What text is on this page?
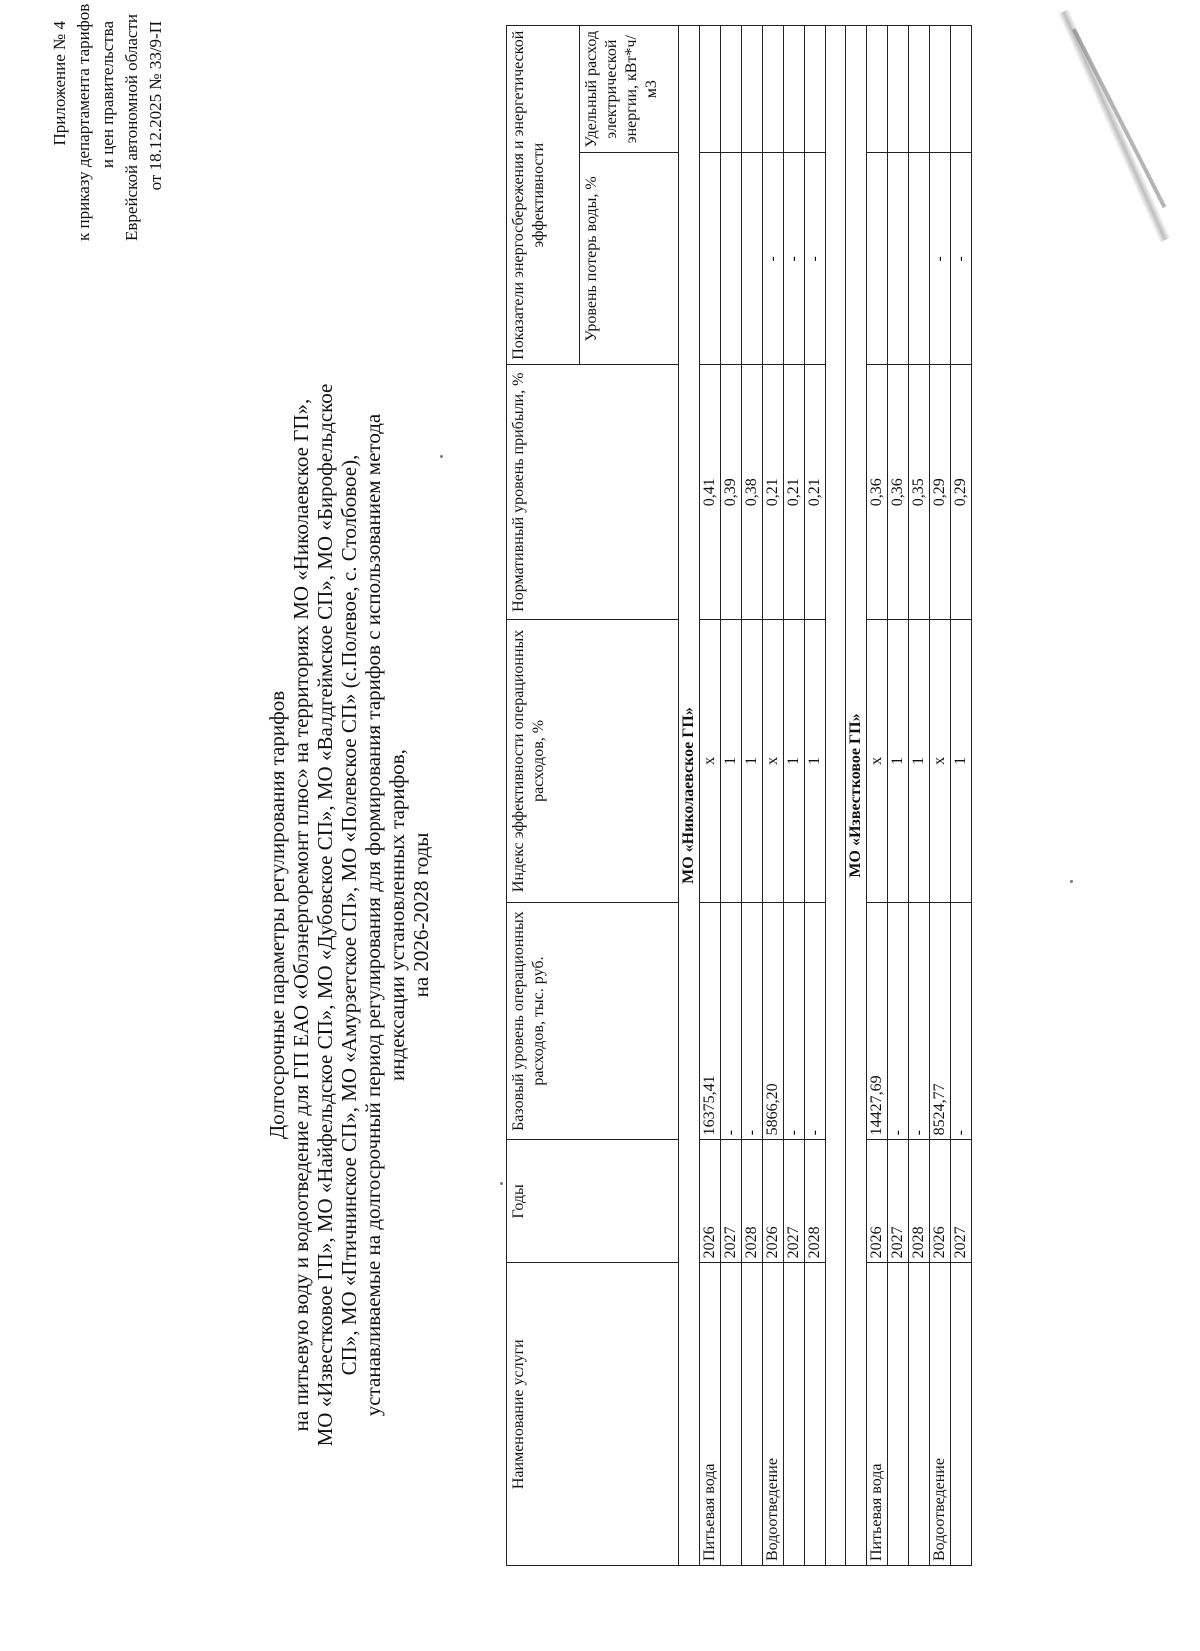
Приложение № 4 к приказу департамента тарифов и цен правительства Еврейской автономной области от 18.12.2025 № 33/9-П
Долгосрочные параметры регулирования тарифов на питьевую воду и водоотведение для ГП ЕАО «Облэнергоремонт плюс» на территориях МО «Николаевское ГП», МО «Известковое ГП», МО «Найфельдское СП», МО «Дубовское СП», МО «Валдгеймское СП», МО «Бирофельдское СП», МО «Птичнинское СП», МО «Амурзетское СП», МО «Полевское СП» (с.Полевое, с. Столбовое), устанавливаемые на долгосрочный период регулирования для формирования тарифов с использованием метода индексации установленных тарифов, на 2026-2028 годы
Наименование услуги	Годы	Базовый уровень операционных расходов, тыс. руб.	Индекс эффективности операционных расходов, %	Нормативный уровень прибыли, %	Показатели энергосбережения и энергетической эффективности	
					Уровень потерь воды, %	Удельный расход электрической энергии, кВт*ч/м3
МО «Николаевское ГП»						
Питьевая вода	2026	16375,41	х	0,41		
	2027	-	1	0,39		
	2028	-	1	0,38		
Водоотведение	2026	5866,20	х	0,21	-	
	2027	-	1	0,21	-	
	2028	-	1	0,21	-	

МО «Известковое ГП»						
Питьевая вода	2026	14427,69	х	0,36		
	2027	-	1	0,36		
	2028	-	1	0,35		
Водоотведение	2026	8524,77	х	0,29	-	
	2027	-	1	0,29	-	
